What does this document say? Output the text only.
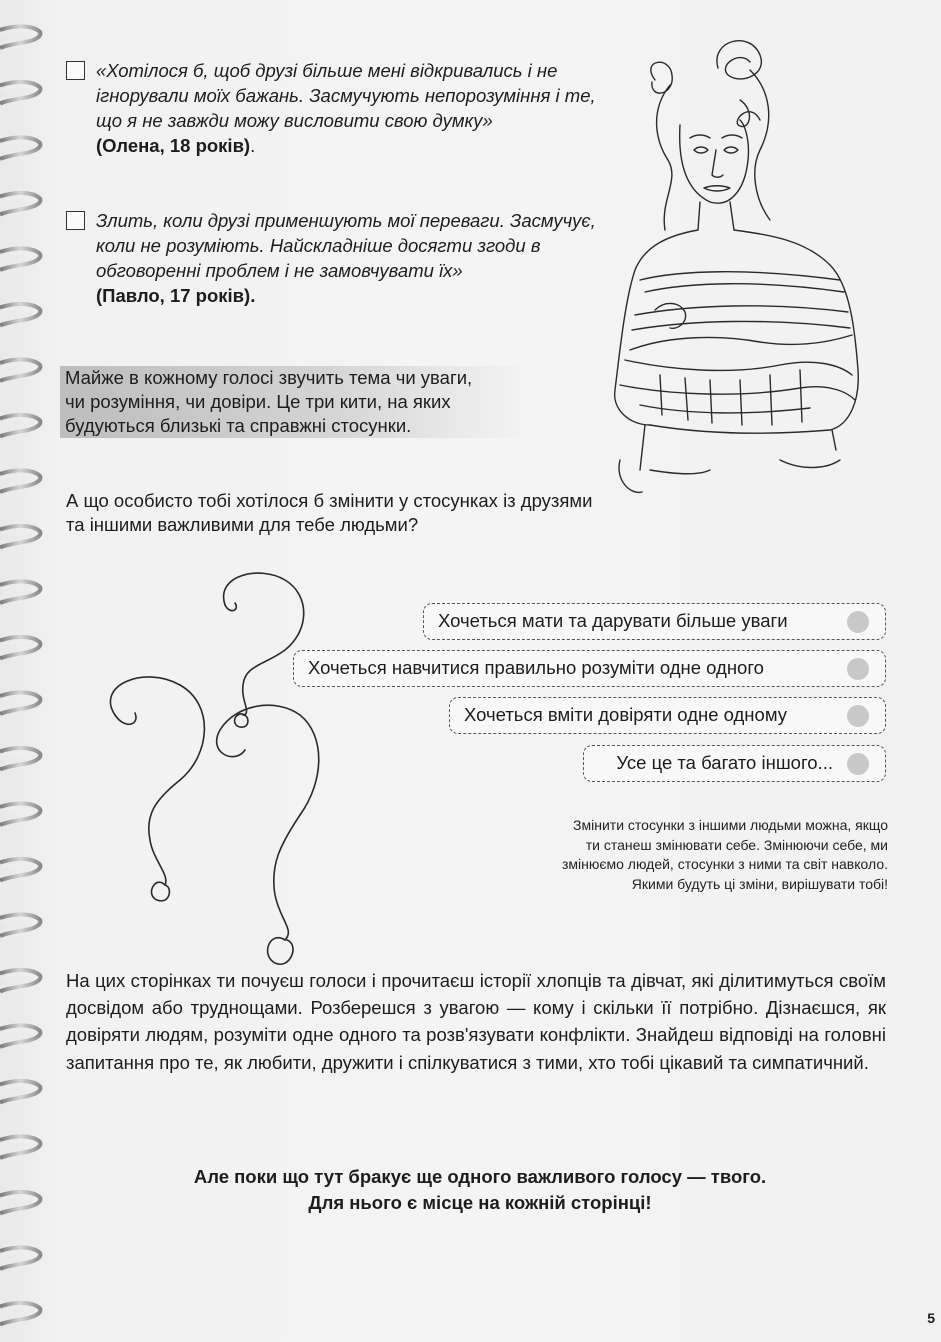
«Хотілося б, щоб друзі більше мені відкривались і не ігнорували моїх бажань. Засмучують непорозуміння і те, що я не завжди можу висловити свою думку»
(Олена, 18 років).
Злить, коли друзі применшують мої переваги. Засмучує, коли не розуміють. Найскладніше досягти згоди в обговоренні проблем і не замовчувати їх»
(Павло, 17 років).
Майже в кожному голосі звучить тема чи уваги,
чи розуміння, чи довіри. Це три кити, на яких
будуються близькі та справжні стосунки.
А що особисто тобі хотілося б змінити у стосунках із друзями та іншими важливими для тебе людьми?
Хочеться мати та дарувати більше уваги
Хочеться навчитися правильно розуміти одне одного
Хочеться вміти довіряти одне одному
Усе це та багато іншого...
Змінити стосунки з іншими людьми можна, якщо
ти станеш змінювати себе. Змінюючи себе, ми
змінюємо людей, стосунки з ними та світ навколо.
Якими будуть ці зміни, вирішувати тобі!
На цих сторінках ти почуєш голоси і прочитаєш історії хлопців та дівчат, які ділитимуться своїм досвідом або труднощами. Розберешся з увагою — кому і скільки її потрібно. Дізнаєшся, як довіряти людям, розуміти одне одного та розв'язувати конфлікти. Знайдеш відповіді на головні запитання про те, як любити, дружити і спілкуватися з тими, хто тобі цікавий та симпатичний.
Але поки що тут бракує ще одного важливого голосу — твого.
Для нього є місце на кожній сторінці!
5
